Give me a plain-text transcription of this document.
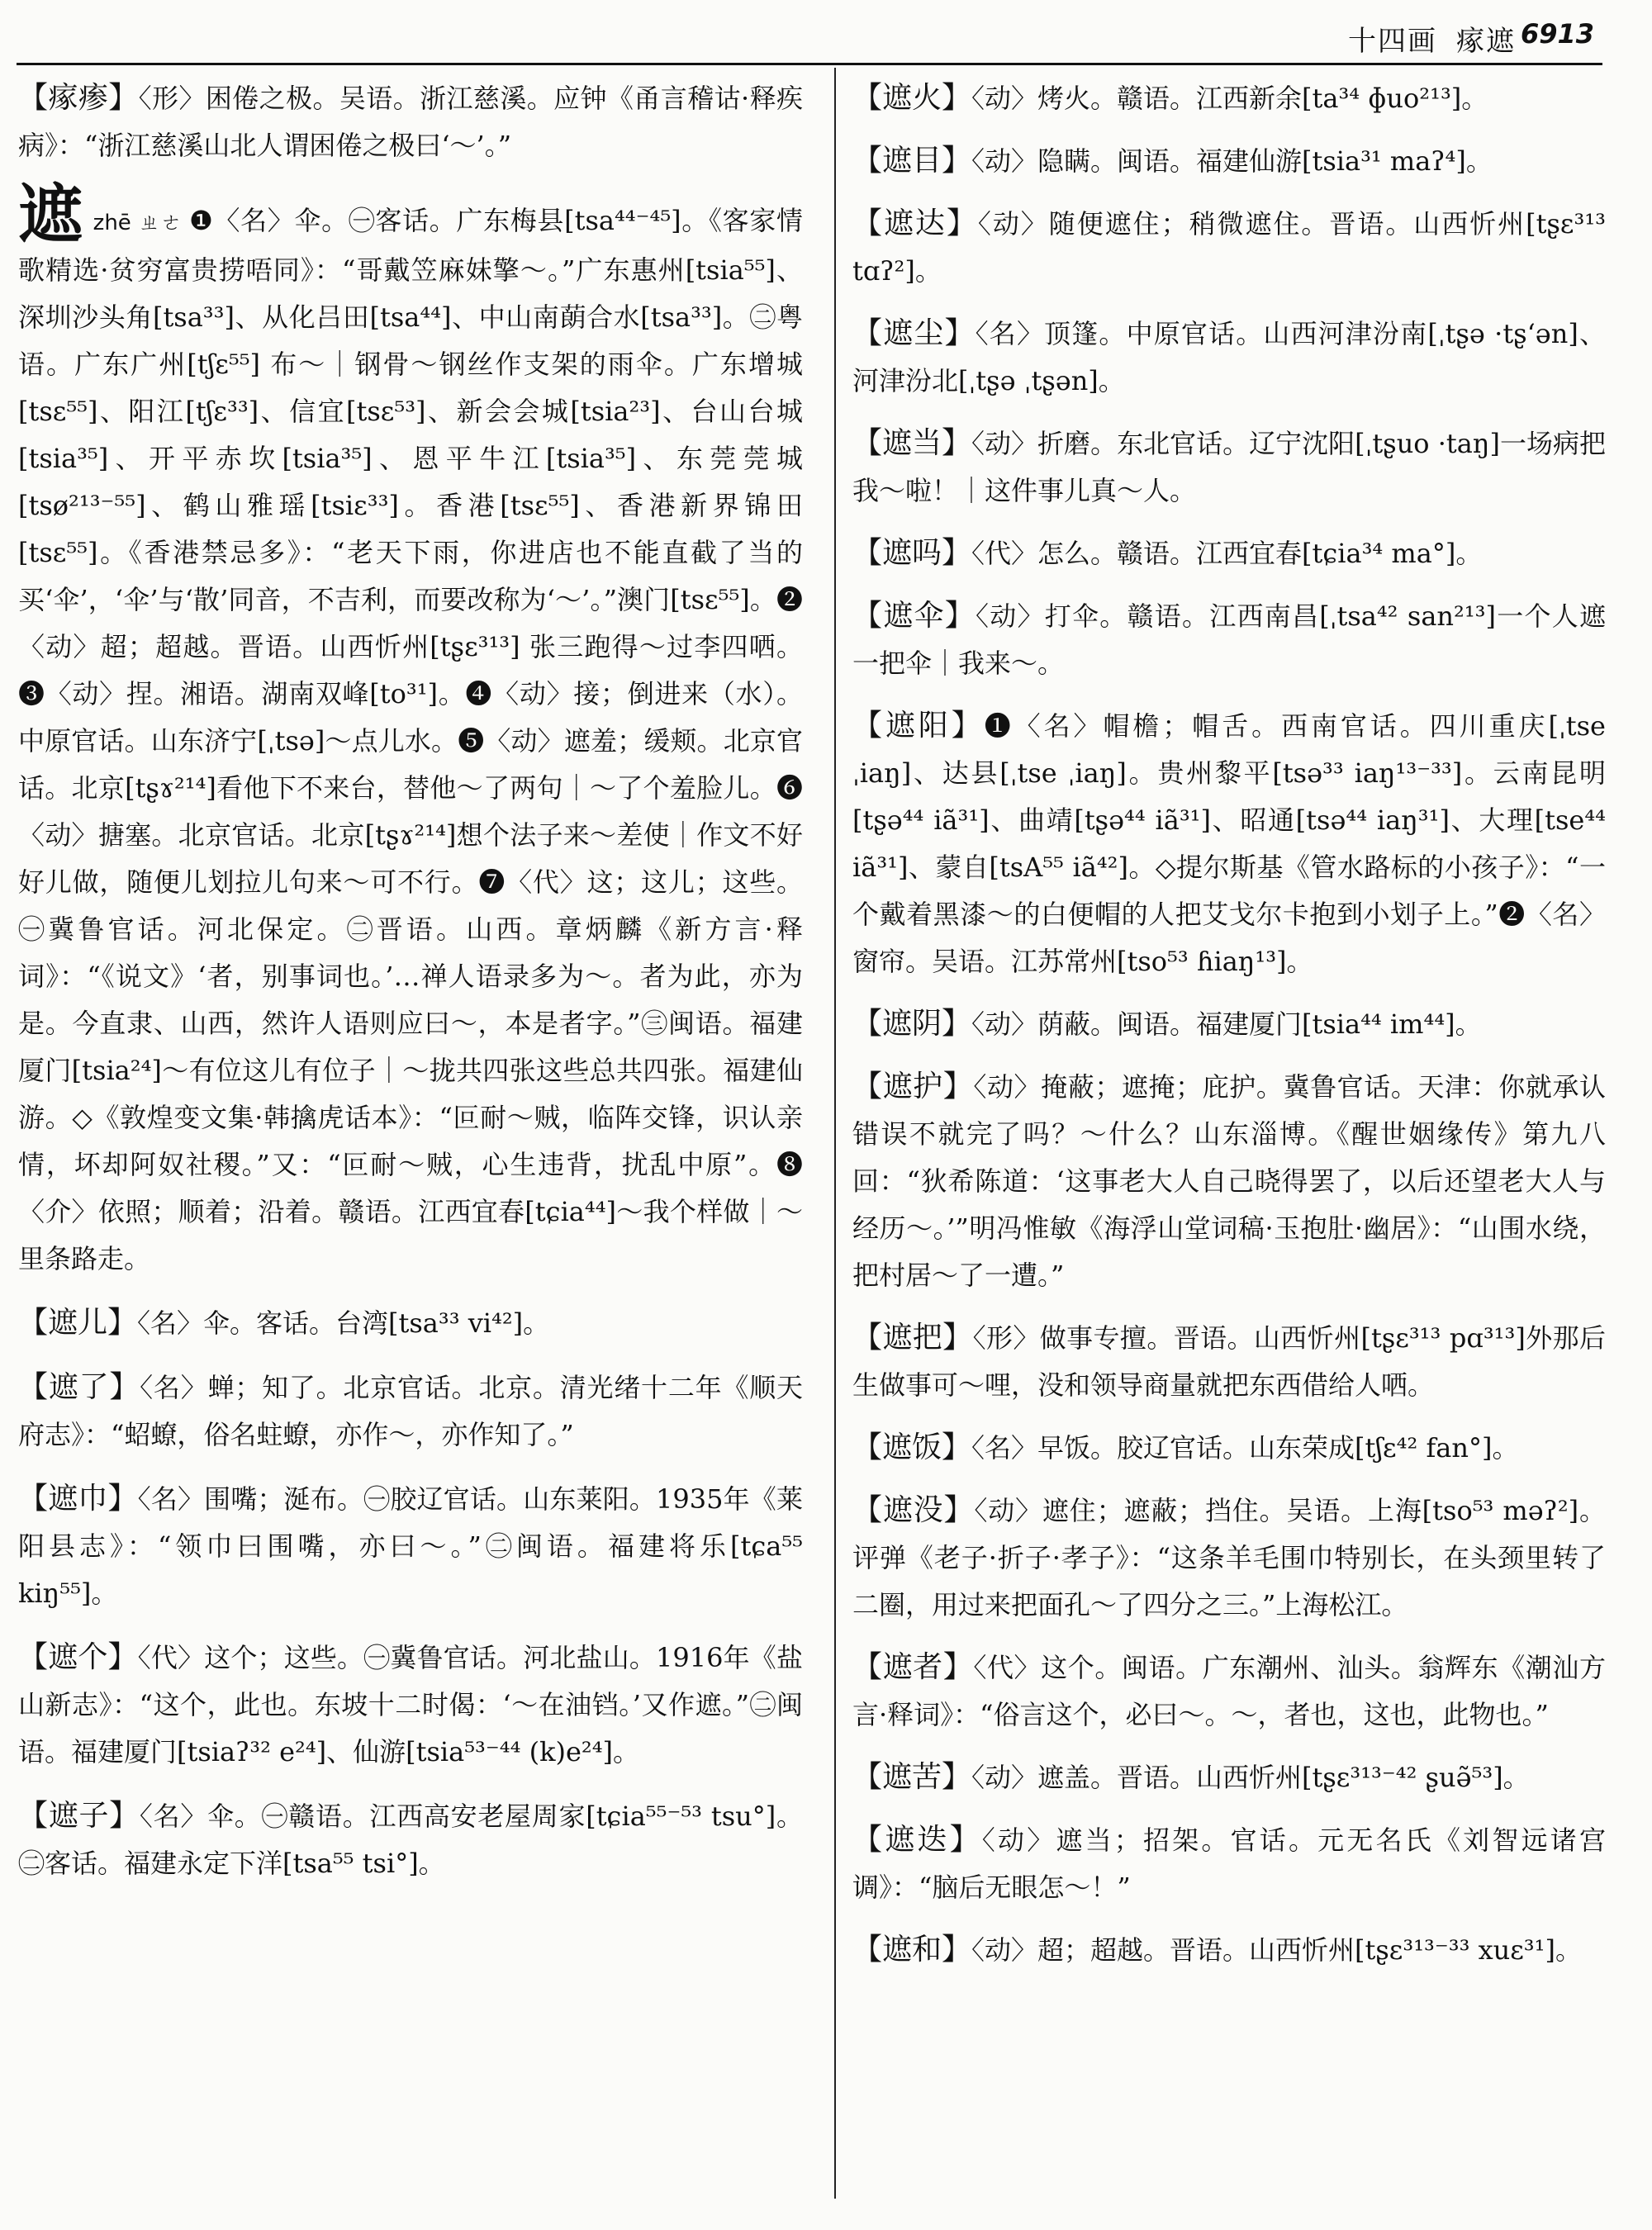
十四画 瘃遮 6913

【瘃瘆】〈形〉困倦之极。吴语。浙江慈溪。应钟《甬言稽诂·释疾病》：“浙江慈溪山北人谓困倦之极曰‘～’。”

遮zhē ㄓㄜ ❶〈名〉伞。㊀客话。广东梅县[tsa⁴⁴⁻⁴⁵]。《客家情歌精选·贫穷富贵捞唔同》：“哥戴笠麻妹擎～。”广东惠州[tsia⁵⁵]、深圳沙头角[tsa³³]、从化吕田[tsa⁴⁴]、中山南蓢合水[tsa³³]。㊁粤语。广东广州[tʃɛ⁵⁵] 布～｜钢骨～钢丝作支架的雨伞。广东增城[tsɛ⁵⁵]、阳江[tʃɛ³³]、信宜[tsɛ⁵³]、新会会城[tsia²³]、台山台城[tsia³⁵]、开平赤坎[tsia³⁵]、恩平牛江[tsia³⁵]、东莞莞城[tsø²¹³⁻⁵⁵]、鹤山雅瑶[tsiɛ³³]。香港[tsɛ⁵⁵]、香港新界锦田[tsɛ⁵⁵]。《香港禁忌多》：“老天下雨，你进店也不能直截了当的买‘伞’，‘伞’与‘散’同音，不吉利，而要改称为‘～’。”澳门[tsɛ⁵⁵]。❷〈动〉超；超越。晋语。山西忻州[tʂɛ³¹³] 张三跑得～过李四哂。❸〈动〉捏。湘语。湖南双峰[to³¹]。❹〈动〉接；倒进来（水）。中原官话。山东济宁[ˌtsə]～点儿水。❺〈动〉遮羞；缓颊。北京官话。北京[tʂɤ²¹⁴]看他下不来台，替他～了两句｜～了个羞脸儿。❻〈动〉搪塞。北京官话。北京[tʂɤ²¹⁴]想个法子来～差使｜作文不好好儿做，随便儿划拉儿句来～可不行。❼〈代〉这；这儿；这些。㊀冀鲁官话。河北保定。㊁晋语。山西。章炳麟《新方言·释词》：“《说文》‘者，别事词也。’…禅人语录多为～。者为此，亦为是。今直隶、山西，然许人语则应曰～，本是者字。”㊂闽语。福建厦门[tsia²⁴]～有位这儿有位子｜～拢共四张这些总共四张。福建仙游。◇《敦煌变文集·韩擒虎话本》：“叵耐～贼，临阵交锋，识认亲情，坏却阿奴社稷。”又：“叵耐～贼，心生违背，扰乱中原”。❽〈介〉依照；顺着；沿着。赣语。江西宜春[tɕia⁴⁴]～我个样做｜～里条路走。

【遮儿】〈名〉伞。客话。台湾[tsa³³ vi⁴²]。

【遮了】〈名〉蝉；知了。北京官话。北京。清光绪十二年《顺天府志》：“蛁蟟，俗名蛀蟟，亦作～，亦作知了。”

【遮巾】〈名〉围嘴；涎布。㊀胶辽官话。山东莱阳。1935年《莱阳县志》：“领巾曰围嘴，亦曰～。”㊁闽语。福建将乐[tɕa⁵⁵ kiŋ⁵⁵]。

【遮个】〈代〉这个；这些。㊀冀鲁官话。河北盐山。1916年《盐山新志》：“这个，此也。东坡十二时偈：‘～在油铛。’又作遮。”㊁闽语。福建厦门[tsiaʔ³² e²⁴]、仙游[tsia⁵³⁻⁴⁴ (k)e²⁴]。

【遮子】〈名〉伞。㊀赣语。江西高安老屋周家[tɕia⁵⁵⁻⁵³ tsu°]。㊁客话。福建永定下洋[tsa⁵⁵ tsi°]。

【遮火】〈动〉烤火。赣语。江西新余[ta³⁴ ɸuo²¹³]。

【遮目】〈动〉隐瞒。闽语。福建仙游[tsia³¹ maʔ⁴]。

【遮达】〈动〉随便遮住；稍微遮住。晋语。山西忻州[tʂɛ³¹³ tɑʔ²]。

【遮尘】〈名〉顶篷。中原官话。山西河津汾南[ˌtʂə ·tʂ‘ən]、河津汾北[ˌtʂə ˌtʂən]。

【遮当】〈动〉折磨。东北官话。辽宁沈阳[ˌtʂuo ·taŋ]一场病把我～啦！｜这件事儿真～人。

【遮吗】〈代〉怎么。赣语。江西宜春[tɕia³⁴ ma°]。

【遮伞】〈动〉打伞。赣语。江西南昌[ˌtsa⁴² san²¹³]一个人遮一把伞｜我来～。

【遮阳】❶〈名〉帽檐；帽舌。西南官话。四川重庆[ˌtse ˌiaŋ]、达县[ˌtse ˌiaŋ]。贵州黎平[tsə³³ iaŋ¹³⁻³³]。云南昆明[tʂə⁴⁴ iã³¹]、曲靖[tʂə⁴⁴ iã³¹]、昭通[tsə⁴⁴ iaŋ³¹]、大理[tse⁴⁴ iã³¹]、蒙自[tsA⁵⁵ iã⁴²]。◇提尔斯基《管水路标的小孩子》：“一个戴着黑漆～的白便帽的人把艾戈尔卡抱到小划子上。”❷〈名〉窗帘。吴语。江苏常州[tso⁵³ ɦiaŋ¹³]。

【遮阴】〈动〉荫蔽。闽语。福建厦门[tsia⁴⁴ im⁴⁴]。

【遮护】〈动〉掩蔽；遮掩；庇护。冀鲁官话。天津：你就承认错误不就完了吗？～什么？山东淄博。《醒世姻缘传》第九八回：“狄希陈道：‘这事老大人自己晓得罢了，以后还望老大人与经历～。’”明冯惟敏《海浮山堂词稿·玉抱肚·幽居》：“山围水绕，把村居～了一遭。”

【遮把】〈形〉做事专擅。晋语。山西忻州[tʂɛ³¹³ pɑ³¹³]外那后生做事可～哩，没和领导商量就把东西借给人哂。

【遮饭】〈名〉早饭。胶辽官话。山东荣成[tʃɛ⁴² fan°]。

【遮没】〈动〉遮住；遮蔽；挡住。吴语。上海[tso⁵³ məʔ²]。评弹《老子·折子·孝子》：“这条羊毛围巾特别长，在头颈里转了二圈，用过来把面孔～了四分之三。”上海松江。

【遮者】〈代〉这个。闽语。广东潮州、汕头。翁辉东《潮汕方言·释词》：“俗言这个，必曰～。～，者也，这也，此物也。”

【遮苦】〈动〉遮盖。晋语。山西忻州[tʂɛ³¹³⁻⁴² ʂuə̃⁵³]。

【遮迭】〈动〉遮当；招架。官话。元无名氏《刘智远诸宫调》：“脑后无眼怎～！”

【遮和】〈动〉超；超越。晋语。山西忻州[tʂɛ³¹³⁻³³ xuɛ³¹]。
